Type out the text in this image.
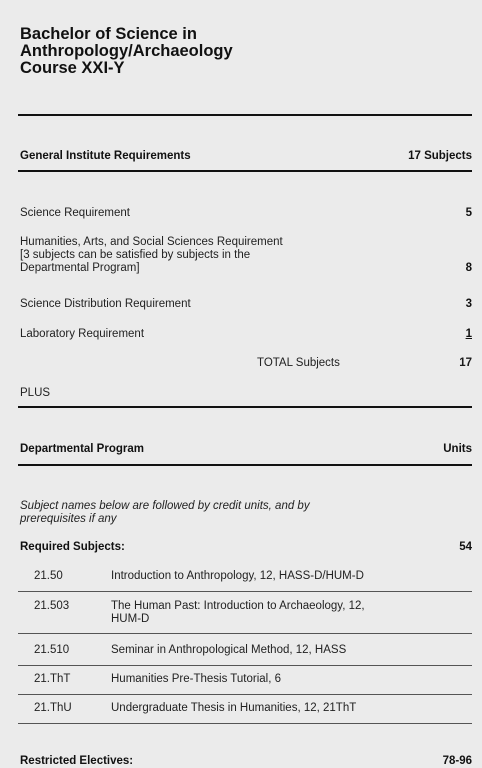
Bachelor of Science in
Anthropology/Archaeology
Course XXI-Y
General Institute Requirements	17 Subjects
Science Requirement	5
Humanities, Arts, and Social Sciences Requirement
[3 subjects can be satisfied by subjects in the
Departmental Program]	8
Science Distribution Requirement	3
Laboratory Requirement	1
TOTAL Subjects	17
PLUS
Departmental Program	Units
Subject names below are followed by credit units, and by
prerequisites if any
Required Subjects:	54
21.50	Introduction to Anthropology, 12, HASS-D/HUM-D
21.503	The Human Past: Introduction to Archaeology, 12,
HUM-D
21.510	Seminar in Anthropological Method, 12, HASS
21.ThT	Humanities Pre-Thesis Tutorial, 6
21.ThU	Undergraduate Thesis in Humanities, 12, 21ThT
Restricted Electives:	78-96
